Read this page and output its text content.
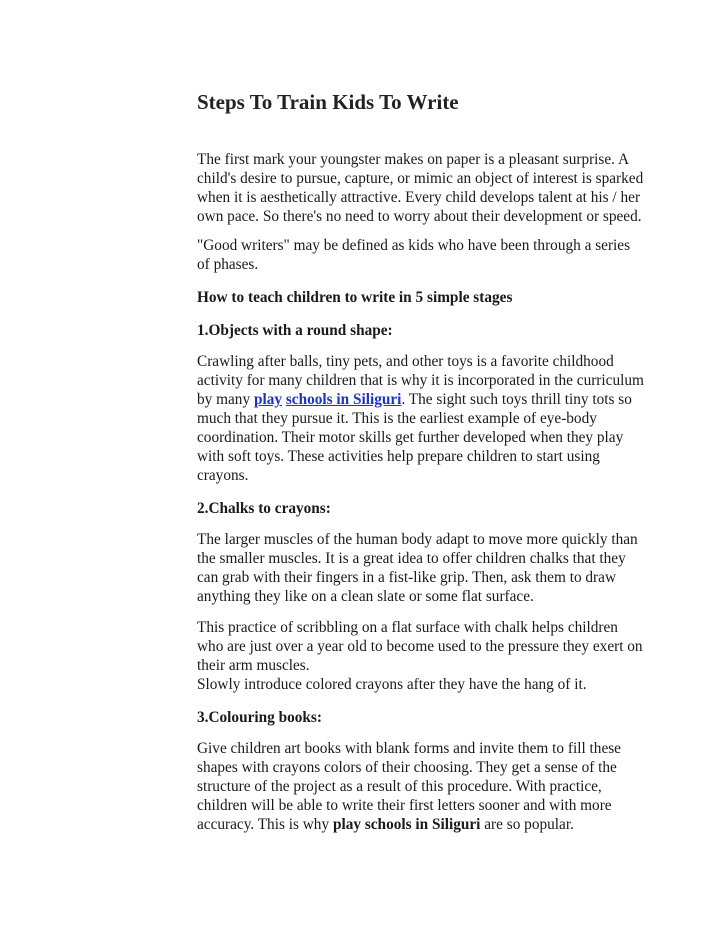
Steps To Train Kids To Write

The first mark your youngster makes on paper is a pleasant surprise. A child's desire to pursue, capture, or mimic an object of interest is sparked when it is aesthetically attractive. Every child develops talent at his / her own pace. So there's no need to worry about their development or speed.

"Good writers" may be defined as kids who have been through a series of phases.

How to teach children to write in 5 simple stages

1.Objects with a round shape:

Crawling after balls, tiny pets, and other toys is a favorite childhood activity for many children that is why it is incorporated in the curriculum by many play schools in Siliguri. The sight such toys thrill tiny tots so much that they pursue it. This is the earliest example of eye-body coordination. Their motor skills get further developed when they play with soft toys. These activities help prepare children to start using crayons.

2.Chalks to crayons:

The larger muscles of the human body adapt to move more quickly than the smaller muscles. It is a great idea to offer children chalks that they can grab with their fingers in a fist-like grip. Then, ask them to draw anything they like on a clean slate or some flat surface.

This practice of scribbling on a flat surface with chalk helps children who are just over a year old to become used to the pressure they exert on their arm muscles.

Slowly introduce colored crayons after they have the hang of it.

3.Colouring books:

Give children art books with blank forms and invite them to fill these shapes with crayons colors of their choosing. They get a sense of the structure of the project as a result of this procedure. With practice, children will be able to write their first letters sooner and with more accuracy. This is why play schools in Siliguri are so popular.
